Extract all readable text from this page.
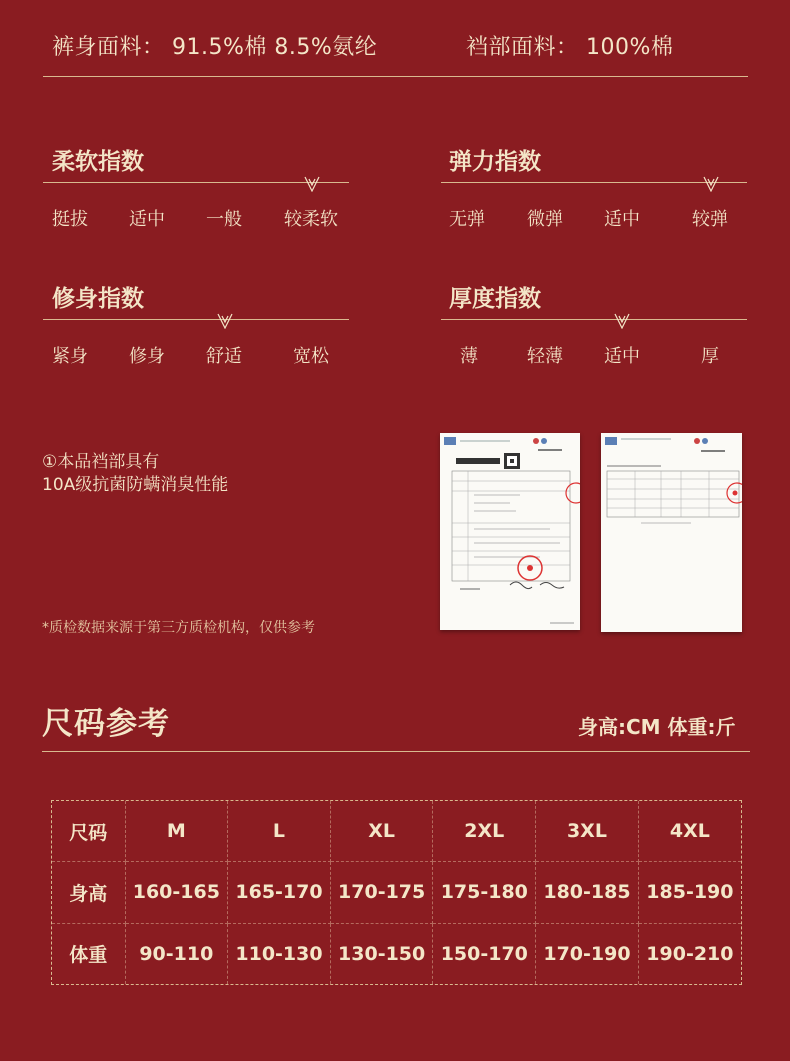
裤身面料： 91.5%棉 8.5%氨纶	裆部面料： 100%棉
柔软指数
挺拔 适中 一般 较柔软
弹力指数
无弹 微弹 适中	较弹
修身指数
紧身 修身 舒适	宽松
厚度指数
薄	轻薄 适中	厚
①本品裆部具有
10A级抗菌防螨消臭性能
*质检数据来源于第三方质检机构，仅供参考
尺码参考	身高:CM 体重:斤
尺码	M	L	XL	2XL	3XL	4XL
身高	160-165	165-170	170-175	175-180	180-185	185-190
体重	90-110	110-130	130-150	150-170	170-190	190-210
